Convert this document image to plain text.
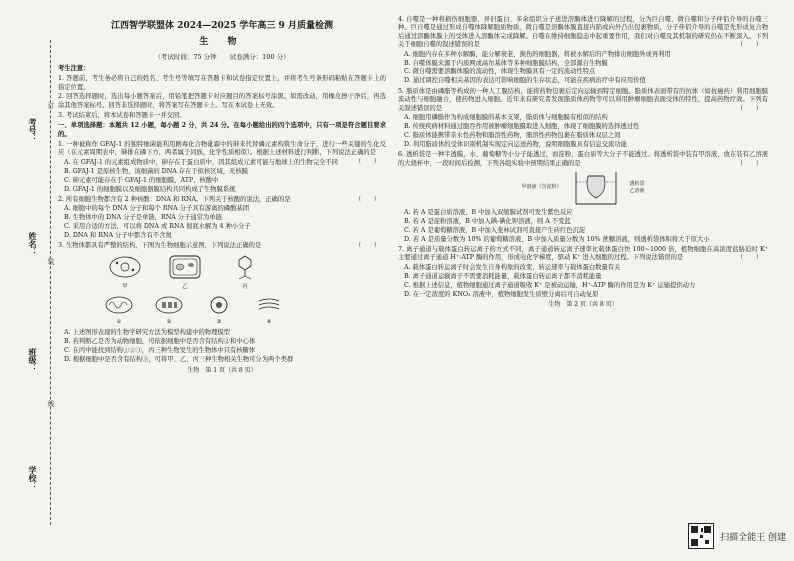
考号：
姓名：
班级：
学校：
订
装
线
江西智学联盟体 2024—2025 学年高三 9 月质量检测
生 物
（考试时间：75 分钟　　试卷满分：100 分）
考生注意：
1. 答题前，考生务必将自己的姓名、考生号等填写在答题卡和试卷指定位置上，并将考生号条形码粘贴在答题卡上的指定位置。
2. 回答选择题时，选出每小题答案后，用铅笔把答题卡对应题目的答案标号涂黑。如需改动，用橡皮擦干净后，再选涂其他答案标号。回答非选择题时，将答案写在答题卡上。写在本试卷上无效。
3. 考试结束后，将本试卷和答题卡一并交回。
一、单项选择题：本题共 12 小题，每小题 2 分，共 24 分。在每小题给出的四个选项中，只有一项是符合题目要求的。
1. 一种被称作 GFAJ-1 的独特细菌能利用剧毒化合物砒霜中的砷来代替磷元素构筑生命分子，进行一些关键的生化反应（在元素周期表中，砷排在磷下方，两者属于同族，化学性质相似）。根据上述材料进行判断，下列说法正确的是
（　　）
A. 在 GFAJ-1 的元素组成物质中，砷存在于蛋白质中，因其组成元素可能与地球上的生物完全不同
B. GFAJ-1 是原核生物，该细菌的 DNA 存在于拟核区域，无核膜
C. 砷元素可能存在于 GFAJ-1 的细胞膜、ATP、核酸中
D. GFAJ-1 的细胞膜以及细胞器膜结构共同构成了生物膜系统
2. 所有细胞生物都含有 2 种核酸：DNA 和 RNA。下列关于核酸的说法，正确的是	（　　）
A. 细胞中的每个 DNA 分子和每个 RNA 分子具有游离的磷酸基团
B. 生物体中的 DNA 分子是单链，RNA 分子通常为单链
C. 采用合适的方法，可以将 DNA 或 RNA 彻底水解为 4 种小分子
D. DNA 和 RNA 分子中都含有不含氮
3. 生物体都具有严整的结构，下图为生物细胞示意图，下列说法正确的是	（　　）
甲	乙	丙
①	②	③	④
A. 上述图形表现的生物学研究方法为模型构建中的物理模型
B. 若判断乙是否为动物细胞，可依据细胞中是否含有结构②和中心体
C. 在丙中能找到结构①②③，丙三种生物发生的生物体中只有核糖体
D. 根据细胞中是否含有结构③，可将甲、乙、丙三种生物相关生物可分为两个类群
生物　第 1 页（共 8 页）
4. 自噬是一种将损伤细胞器、异旧蛋白、多余组织分子送进溶酶体进行降解的过程，分为巨自噬、微自噬和分子伴侣介导的自噬三种。巨自噬是通过形成自噬体降解胞质物质，微自噬是溶酶体膜直接内陷或向外凸出包裹物质，分子伴侣介导的自噬是先形成复合物后通过溶酶体膜上的受体进入溶酶体完成降解。自噬在维持细胞稳态中起重要作用，我们对自噬及其机制的研究仍在不断深入。下列关于细胞自噬的叙述错误的是	（　　）
A. 细胞内存在多种水解酶，能分解衰老、损伤的细胞器，将被水解后的产物排出细胞外或再利用
B. 自噬体膜来源于内质网或高尔基体等多种细胞膜结构，全部源自生物膜
C. 微自噬需要溶酶体膜的流动性，体现生物膜具有一定的流动性特点
D. 通过调控自噬相关基因的表达可影响细胞的生存状态，可能在疾病治疗中有应用价值
5. 脂质体是由磷脂等构成的一种人工膜结构，能将药物包裹后定向运输到特定细胞。脂质体表面带有的抗体（如抗癌药）利用细胞膜流动性与细胞融合，使药物进入细胞。近年来有研究者发现脂质体药物等可以利用肿瘤细胞表面受体的特性，提高药物疗效。下列有关叙述错误的是	（　　）
A. 细胞用磷脂作为构成细胞膜的基本支架，脂质体与细胞膜有相似的结构
B. 传统疾病材料通过胞吞作用被肿瘤细胞摄取进入细胞，体现了细胞膜的选择透过性
C. 脂质体能携带亲水性药物和脂溶性药物，脂溶性药物包裹在脂质体双层之间
D. 利用脂质体的受体识别机制实现定向运送药物，说明细胞膜具有信息交流功能
6. 透析袋是一种半透膜，水、葡萄糖等小分子能透过，而淀粉、蛋白质等大分子不能透过。将透析袋中装有甲溶液，放在装有乙溶液的大烧杯中，一段时间后检测，下列各组实验中预期结果正确的是	（　　）
甲溶液（含淀粉）
透析袋
乙溶液
A. 若 A 是蛋白质溶液，B 中加入双缩脲试剂可发生紫色反应
B. 若 A 是淀粉溶液，B 中加入碘-碘化钾溶液，则 A 不变蓝
C. 若 A 是葡萄糖溶液，B 中加入斐林试剂可直接产生砖红色沉淀
D. 若 A 是质量分数为 10% 的葡萄糖溶液，B 中加入质量分数为 10% 蔗糖溶液，则透析袋体积将大于原大小
7. 离子通道与载体蛋白转运离子的方式不同，离子通道转运离子速率比载体蛋白快 100~1000 倍，植物细胞在高浓度盐胁迫时 K⁺ 主要通过离子通道 H⁺-ATP 酶的作用，形成电化学梯度，驱动 K⁺ 进入细胞的过程。下列说法错误的是	（　　）
A. 载体蛋白转运离子时会发生自身构象的改变，转运速率与载体蛋白数量有关
B. 离子通道运输离子不需要消耗能量，载体蛋白转运离子都不消耗能量
C. 根据上述信息，植物细胞通过离子通道吸收 K⁺ 是被动运输，H⁺-ATP 酶的作用是为 K⁺ 运输提供动力
D. 在一定浓度的 KNO₃ 溶液中，植物细胞发生质壁分离后可自动复原
生物　第 2 页（共 8 页）
扫描全能王 创建
